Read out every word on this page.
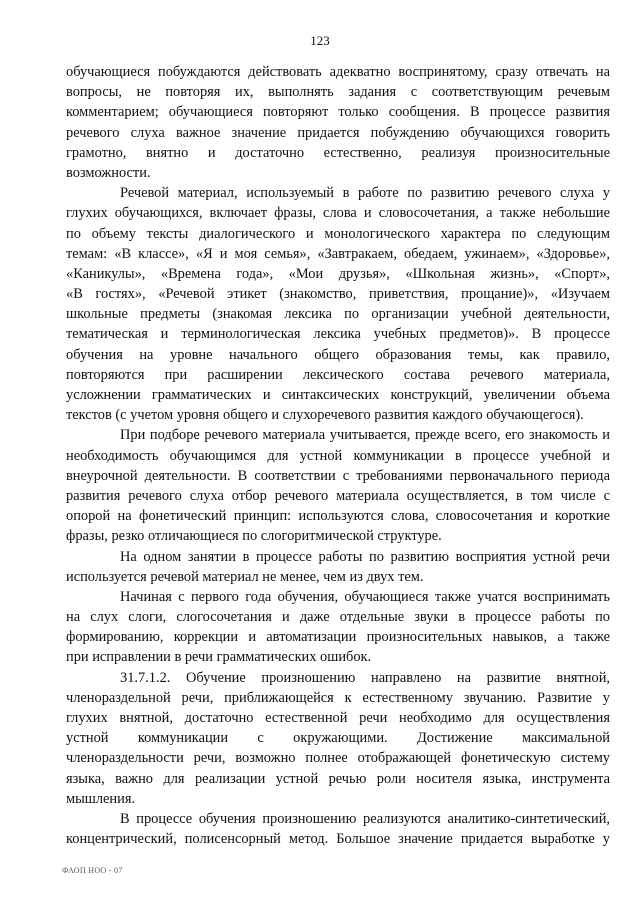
123
обучающиеся побуждаются действовать адекватно воспринятому, сразу отвечать на
вопросы, не повторяя их, выполнять задания с соответствующим речевым
комментарием; обучающиеся повторяют только сообщения. В процессе развития
речевого слуха важное значение придается побуждению обучающихся говорить
грамотно, внятно и достаточно естественно, реализуя произносительные
возможности.
Речевой материал, используемый в работе по развитию речевого слуха у
глухих обучающихся, включает фразы, слова и словосочетания, а также небольшие
по объему тексты диалогического и монологического характера по следующим
темам: «В классе», «Я и моя семья», «Завтракаем, обедаем, ужинаем», «Здоровье»,
«Каникулы», «Времена года», «Мои друзья», «Школьная жизнь», «Спорт»,
«В гостях», «Речевой этикет (знакомство, приветствия, прощание)», «Изучаем
школьные предметы (знакомая лексика по организации учебной деятельности,
тематическая и терминологическая лексика учебных предметов)». В процессе
обучения на уровне начального общего образования темы, как правило,
повторяются при расширении лексического состава речевого материала,
усложнении грамматических и синтаксических конструкций, увеличении объема
текстов (с учетом уровня общего и слухоречевого развития каждого обучающегося).
При подборе речевого материала учитывается, прежде всего, его знакомость и
необходимость обучающимся для устной коммуникации в процессе учебной и
внеурочной деятельности. В соответствии с требованиями первоначального периода
развития речевого слуха отбор речевого материала осуществляется, в том числе с
опорой на фонетический принцип: используются слова, словосочетания и короткие
фразы, резко отличающиеся по слогоритмической структуре.
На одном занятии в процессе работы по развитию восприятия устной речи
используется речевой материал не менее, чем из двух тем.
Начиная с первого года обучения, обучающиеся также учатся воспринимать
на слух слоги, слогосочетания и даже отдельные звуки в процессе работы по
формированию, коррекции и автоматизации произносительных навыков, а также
при исправлении в речи грамматических ошибок.
31.7.1.2. Обучение произношению направлено на развитие внятной,
членораздельной речи, приближающейся к естественному звучанию. Развитие у
глухих внятной, достаточно естественной речи необходимо для осуществления
устной коммуникации с окружающими. Достижение максимальной
членораздельности речи, возможно полнее отображающей фонетическую систему
языка, важно для реализации устной речью роли носителя языка, инструмента
мышления.
В процессе обучения произношению реализуются аналитико-синтетический,
концентрический, полисенсорный метод. Большое значение придается выработке у
ФАОП НОО - 07
